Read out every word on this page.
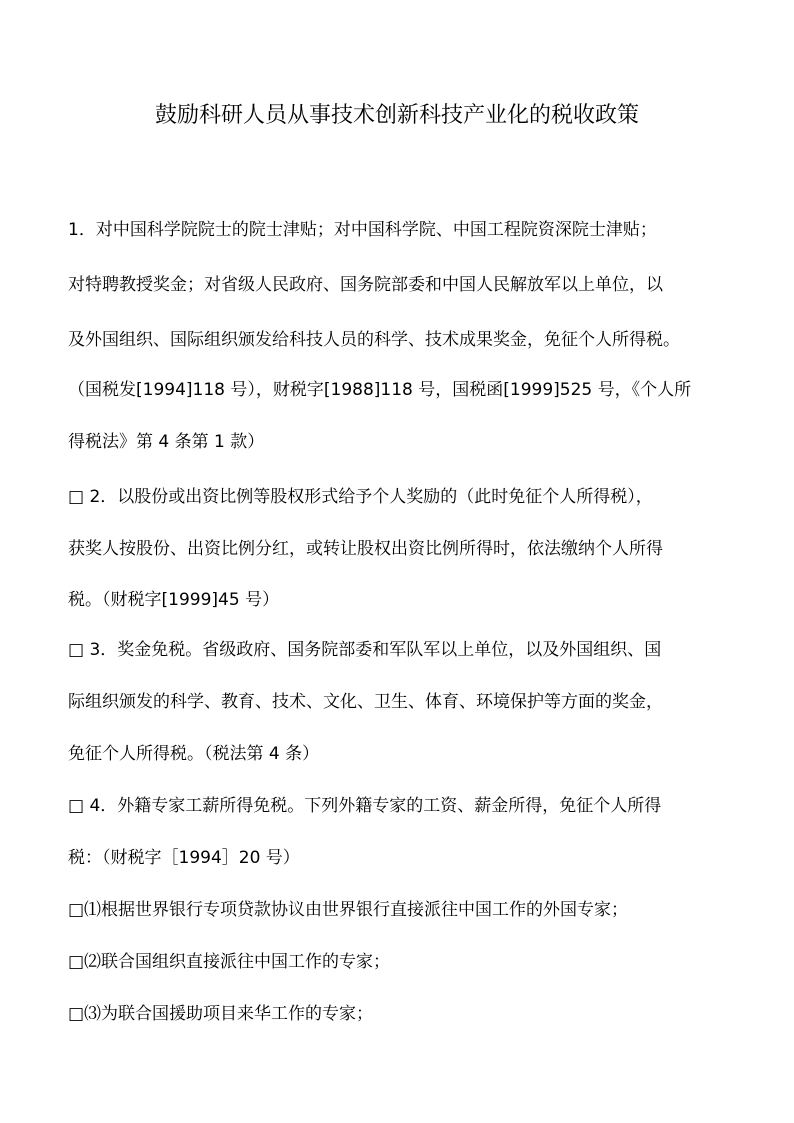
鼓励科研人员从事技术创新科技产业化的税收政策
1．对中国科学院院士的院士津贴；对中国科学院、中国工程院资深院士津贴；
对特聘教授奖金；对省级人民政府、国务院部委和中国人民解放军以上单位，以
及外国组织、国际组织颁发给科技人员的科学、技术成果奖金，免征个人所得税。
（国税发[1994]118 号），财税字[1988]118 号，国税函[1999]525 号，《个人所
得税法》第 4 条第 1 款）
□ 2．以股份或出资比例等股权形式给予个人奖励的（此时免征个人所得税），
获奖人按股份、出资比例分红，或转让股权出资比例所得时，依法缴纳个人所得
税。（财税字[1999]45 号）
□ 3．奖金免税。省级政府、国务院部委和军队军以上单位，以及外国组织、国
际组织颁发的科学、教育、技术、文化、卫生、体育、环境保护等方面的奖金，
免征个人所得税。（税法第 4 条）
□ 4．外籍专家工薪所得免税。下列外籍专家的工资、薪金所得，免征个人所得
税：（财税字［1994］20 号）
□⑴根据世界银行专项贷款协议由世界银行直接派往中国工作的外国专家；
□⑵联合国组织直接派往中国工作的专家；
□⑶为联合国援助项目来华工作的专家；
